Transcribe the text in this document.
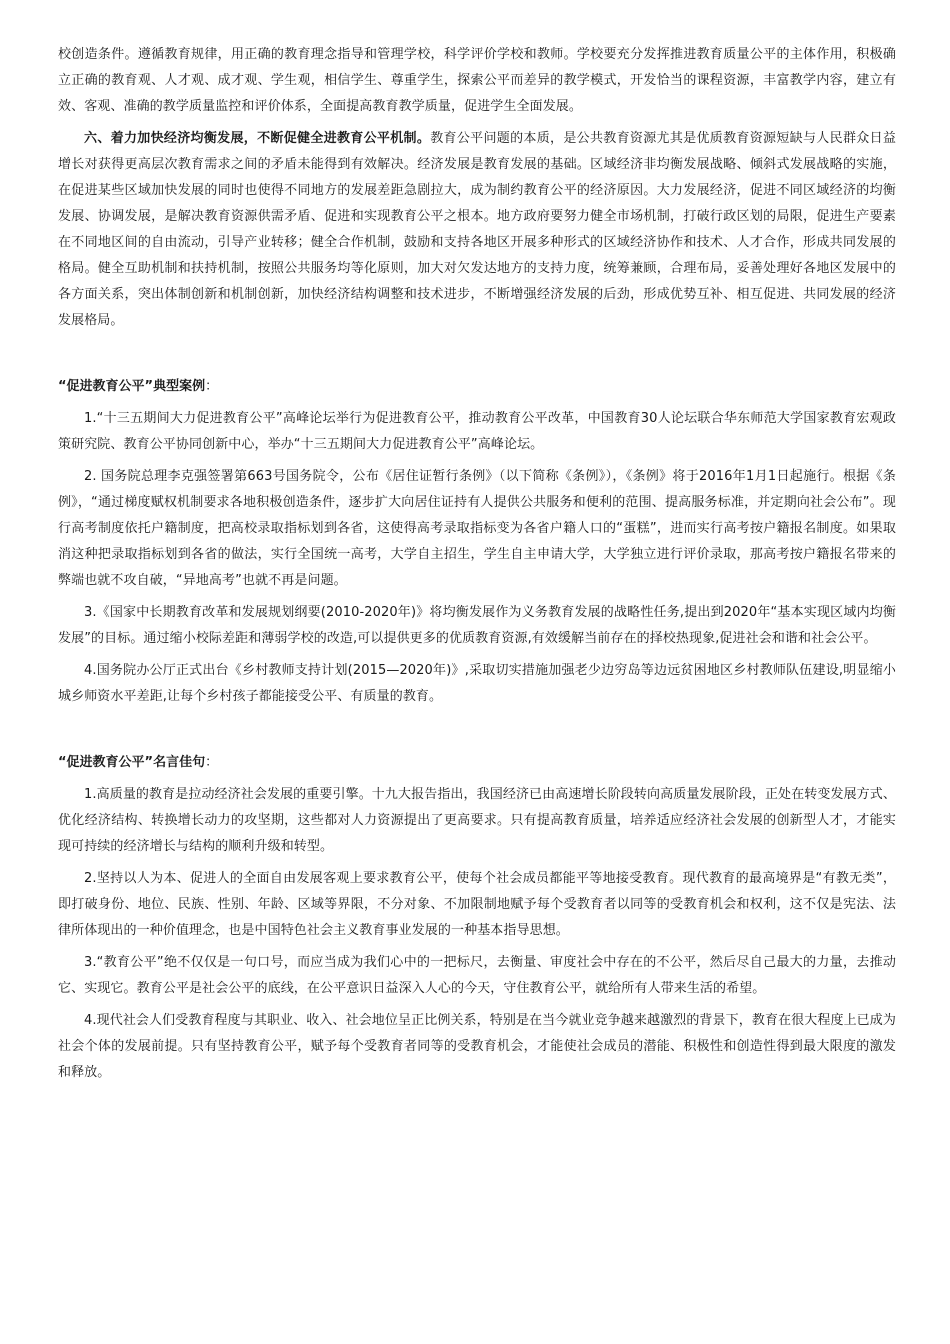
校创造条件。遵循教育规律，用正确的教育理念指导和管理学校，科学评价学校和教师。学校要充分发挥推进教育质量公平的主体作用，积极确立正确的教育观、人才观、成才观、学生观，相信学生、尊重学生，探索公平而差异的教学模式，开发恰当的课程资源，丰富教学内容，建立有效、客观、准确的教学质量监控和评价体系，全面提高教育教学质量，促进学生全面发展。

六、着力加快经济均衡发展，不断促健全进教育公平机制。教育公平问题的本质，是公共教育资源尤其是优质教育资源短缺与人民群众日益增长对获得更高层次教育需求之间的矛盾未能得到有效解决。经济发展是教育发展的基础。区域经济非均衡发展战略、倾斜式发展战略的实施，在促进某些区域加快发展的同时也使得不同地方的发展差距急剧拉大，成为制约教育公平的经济原因。大力发展经济，促进不同区域经济的均衡发展、协调发展，是解决教育资源供需矛盾、促进和实现教育公平之根本。地方政府要努力健全市场机制，打破行政区划的局限，促进生产要素在不同地区间的自由流动，引导产业转移；健全合作机制，鼓励和支持各地区开展多种形式的区域经济协作和技术、人才合作，形成共同发展的格局。健全互助机制和扶持机制，按照公共服务均等化原则，加大对欠发达地方的支持力度，统筹兼顾，合理布局，妥善处理好各地区发展中的各方面关系，突出体制创新和机制创新，加快经济结构调整和技术进步，不断增强经济发展的后劲，形成优势互补、相互促进、共同发展的经济发展格局。

“促进教育公平”典型案例：

1.“十三五期间大力促进教育公平”高峰论坛举行为促进教育公平，推动教育公平改革，中国教育30人论坛联合华东师范大学国家教育宏观政策研究院、教育公平协同创新中心，举办“十三五期间大力促进教育公平”高峰论坛。

2. 国务院总理李克强签署第663号国务院令，公布《居住证暂行条例》（以下简称《条例》），《条例》将于2016年1月1日起施行。根据《条例》，“通过梯度赋权机制要求各地积极创造条件，逐步扩大向居住证持有人提供公共服务和便利的范围、提高服务标准，并定期向社会公布”。现行高考制度依托户籍制度，把高校录取指标划到各省，这使得高考录取指标变为各省户籍人口的“蛋糕”，进而实行高考按户籍报名制度。如果取消这种把录取指标划到各省的做法，实行全国统一高考，大学自主招生，学生自主申请大学，大学独立进行评价录取，那高考按户籍报名带来的弊端也就不攻自破，“异地高考”也就不再是问题。

3.《国家中长期教育改革和发展规划纲要(2010-2020年)》将均衡发展作为义务教育发展的战略性任务,提出到2020年“基本实现区域内均衡发展”的目标。通过缩小校际差距和薄弱学校的改造,可以提供更多的优质教育资源,有效缓解当前存在的择校热现象,促进社会和谐和社会公平。

4.国务院办公厅正式出台《乡村教师支持计划(2015—2020年)》,采取切实措施加强老少边穷岛等边远贫困地区乡村教师队伍建设,明显缩小城乡师资水平差距,让每个乡村孩子都能接受公平、有质量的教育。

“促进教育公平”名言佳句：

1.高质量的教育是拉动经济社会发展的重要引擎。十九大报告指出，我国经济已由高速增长阶段转向高质量发展阶段，正处在转变发展方式、优化经济结构、转换增长动力的攻坚期，这些都对人力资源提出了更高要求。只有提高教育质量，培养适应经济社会发展的创新型人才，才能实现可持续的经济增长与结构的顺利升级和转型。

2.坚持以人为本、促进人的全面自由发展客观上要求教育公平，使每个社会成员都能平等地接受教育。现代教育的最高境界是“有教无类”，即打破身份、地位、民族、性别、年龄、区域等界限，不分对象、不加限制地赋予每个受教育者以同等的受教育机会和权利，这不仅是宪法、法律所体现出的一种价值理念，也是中国特色社会主义教育事业发展的一种基本指导思想。

3.“教育公平”绝不仅仅是一句口号，而应当成为我们心中的一把标尺，去衡量、审度社会中存在的不公平，然后尽自己最大的力量，去推动它、实现它。教育公平是社会公平的底线，在公平意识日益深入人心的今天，守住教育公平，就给所有人带来生活的希望。

4.现代社会人们受教育程度与其职业、收入、社会地位呈正比例关系，特别是在当今就业竞争越来越激烈的背景下，教育在很大程度上已成为社会个体的发展前提。只有坚持教育公平，赋予每个受教育者同等的受教育机会，才能使社会成员的潜能、积极性和创造性得到最大限度的激发和释放。
